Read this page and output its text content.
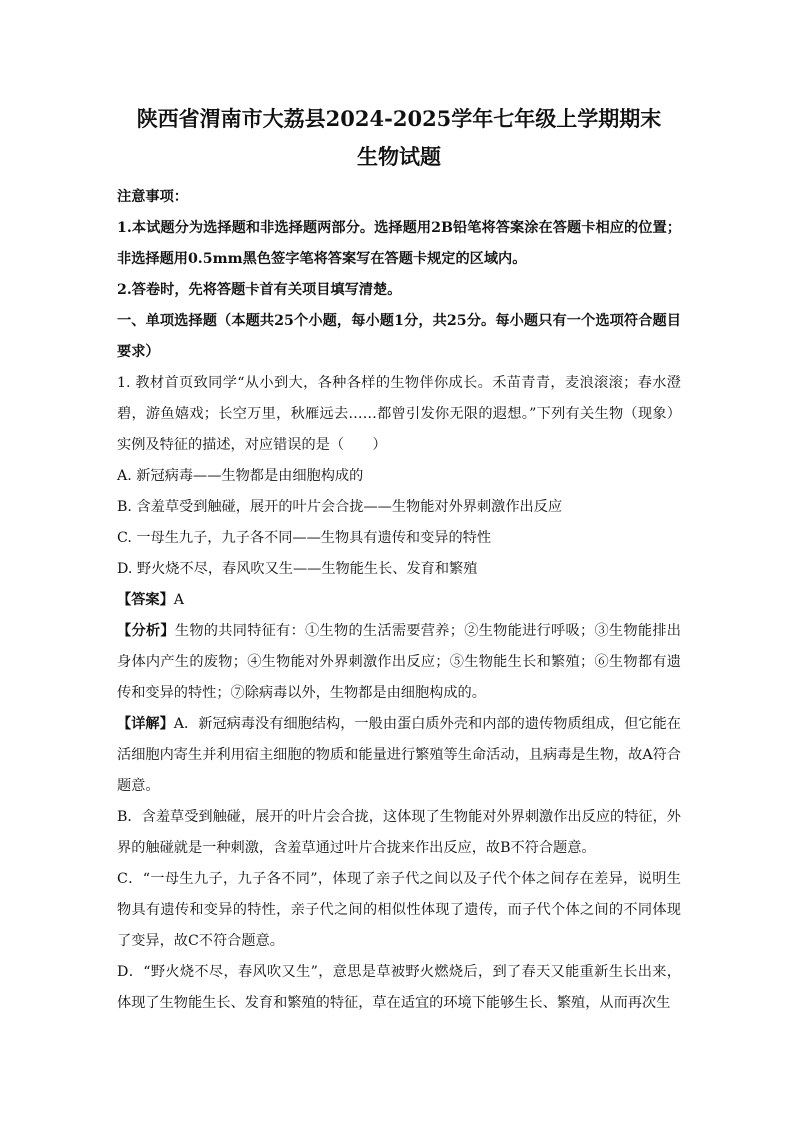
陕西省渭南市大荔县2024-2025学年七年级上学期期末
生物试题

注意事项：

1.本试题分为选择题和非选择题两部分。选择题用2B铅笔将答案涂在答题卡相应的位置；非选择题用0.5mm黑色签字笔将答案写在答题卡规定的区域内。

2.答卷时，先将答题卡首有关项目填写清楚。

一、单项选择题（本题共25个小题，每小题1分，共25分。每小题只有一个选项符合题目要求）

1. 教材首页致同学“从小到大，各种各样的生物伴你成长。禾苗青青，麦浪滚滚；春水澄碧，游鱼嬉戏；长空万里，秋雁远去……都曾引发你无限的遐想。”下列有关生物（现象）实例及特征的描述，对应错误的是（　　）

A. 新冠病毒——生物都是由细胞构成的

B. 含羞草受到触碰，展开的叶片会合拢——生物能对外界刺激作出反应

C. 一母生九子，九子各不同——生物具有遗传和变异的特性

D. 野火烧不尽，春风吹又生——生物能生长、发育和繁殖

【答案】A

【分析】生物的共同特征有：①生物的生活需要营养；②生物能进行呼吸；③生物能排出身体内产生的废物；④生物能对外界刺激作出反应；⑤生物能生长和繁殖；⑥生物都有遗传和变异的特性；⑦除病毒以外，生物都是由细胞构成的。

【详解】A．新冠病毒没有细胞结构，一般由蛋白质外壳和内部的遗传物质组成，但它能在活细胞内寄生并利用宿主细胞的物质和能量进行繁殖等生命活动，且病毒是生物，故A符合题意。

B．含羞草受到触碰，展开的叶片会合拢，这体现了生物能对外界刺激作出反应的特征，外界的触碰就是一种刺激，含羞草通过叶片合拢来作出反应，故B不符合题意。

C．“一母生九子，九子各不同”，体现了亲子代之间以及子代个体之间存在差异，说明生物具有遗传和变异的特性，亲子代之间的相似性体现了遗传，而子代个体之间的不同体现了变异，故C不符合题意。

D．“野火烧不尽，春风吹又生”，意思是草被野火燃烧后，到了春天又能重新生长出来，体现了生物能生长、发育和繁殖的特征，草在适宜的环境下能够生长、繁殖，从而再次生
